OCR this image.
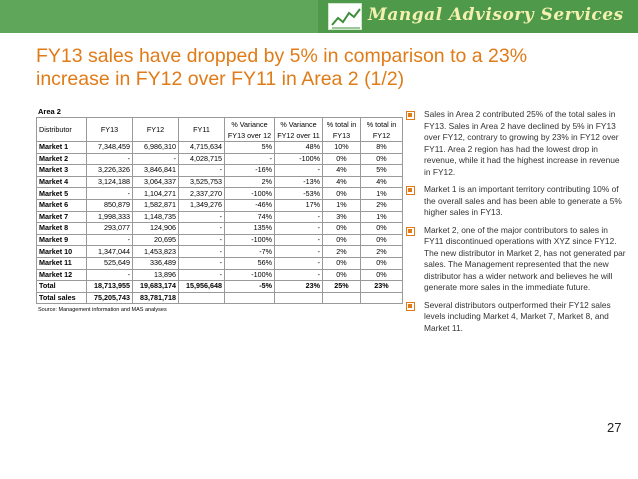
Mangal Advisory Services
FY13 sales have dropped by 5% in comparison to a 23% increase in FY12 over FY11 in Area 2 (1/2)
Area 2
Distributor	FY13	FY12	FY11	% Variance FY13 over 12	% Variance FY12 over 11	% total in FY13	% total in FY12
Market 1	7,348,459	6,986,310	4,715,634	5%	48%	10%	8%
Market 2	-	-	4,028,715	-	-100%	0%	0%
Market 3	3,226,326	3,846,841	-	-16%	-	4%	5%
Market 4	3,124,188	3,064,337	3,525,753	2%	-13%	4%	4%
Market 5	-	1,104,271	2,337,270	-100%	-53%	0%	1%
Market 6	850,879	1,582,871	1,349,276	-46%	17%	1%	2%
Market 7	1,998,333	1,148,735	-	74%	-	3%	1%
Market 8	293,077	124,906	-	135%	-	0%	0%
Market 9	-	20,695	-	-100%	-	0%	0%
Market 10	1,347,044	1,453,823	-	-7%	-	2%	2%
Market 11	525,649	336,489	-	56%	-	0%	0%
Market 12	-	13,896	-	-100%	-	0%	0%
Total	18,713,955	19,683,174	15,956,648	-5%	23%	25%	23%
Total sales	75,205,743	83,781,718					
Source: Management information and MAS analyses

Sales in Area 2 contributed 25% of the total sales in FY13. Sales in Area 2 have declined by 5% in FY13 over FY12, contrary to growing by 23% in FY12 over FY11. Area 2 region has had the lowest drop in revenue, while it had the highest increase in revenue in FY12.

Market 1 is an important territory contributing 10% of the overall sales and has been able to generate a 5% higher sales in FY13.

Market 2, one of the major contributors to sales in FY11 discontinued operations with XYZ since FY12. The new distributor in Market 2, has not generated par sales. The Management represented that the new distributor has a wider network and believes he will generate more sales in the immediate future.

Several distributors outperformed their FY12 sales levels including Market 4, Market 7, Market 8, and Market 11.

27
